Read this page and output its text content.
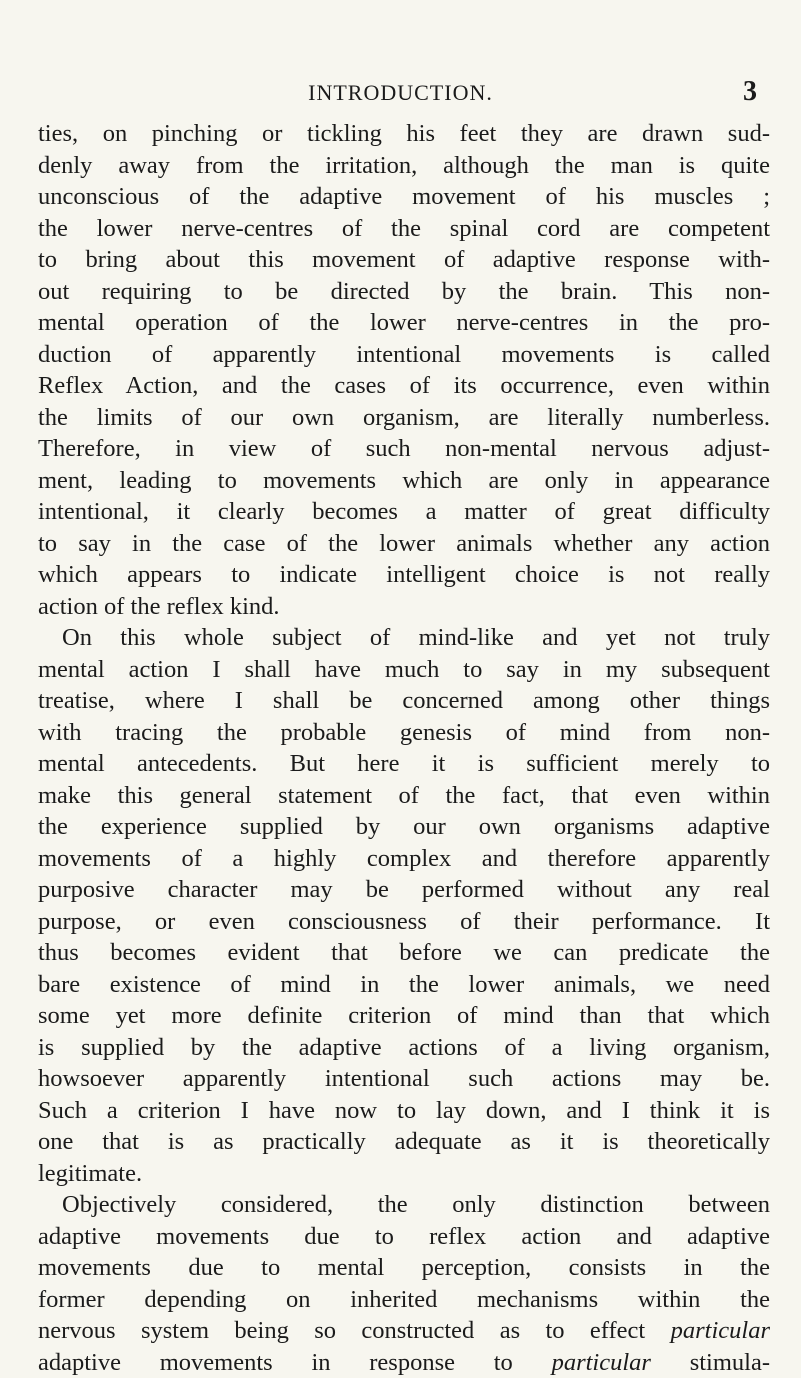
INTRODUCTION.	3
ties, on pinching or tickling his feet they are drawn sud-
denly away from the irritation, although the man is quite
unconscious of the adaptive movement of his muscles ;
the lower nerve-centres of the spinal cord are competent
to bring about this movement of adaptive response with-
out requiring to be directed by the brain. This non-
mental operation of the lower nerve-centres in the pro-
duction of apparently intentional movements is called
Reflex Action, and the cases of its occurrence, even within
the limits of our own organism, are literally numberless.
Therefore, in view of such non-mental nervous adjust-
ment, leading to movements which are only in appearance
intentional, it clearly becomes a matter of great difficulty
to say in the case of the lower animals whether any action
which appears to indicate intelligent choice is not really
action of the reflex kind.
On this whole subject of mind-like and yet not truly
mental action I shall have much to say in my subsequent
treatise, where I shall be concerned among other things
with tracing the probable genesis of mind from non-
mental antecedents. But here it is sufficient merely to
make this general statement of the fact, that even within
the experience supplied by our own organisms adaptive
movements of a highly complex and therefore apparently
purposive character may be performed without any real
purpose, or even consciousness of their performance. It
thus becomes evident that before we can predicate the
bare existence of mind in the lower animals, we need
some yet more definite criterion of mind than that which
is supplied by the adaptive actions of a living organism,
howsoever apparently intentional such actions may be.
Such a criterion I have now to lay down, and I think it is
one that is as practically adequate as it is theoretically
legitimate.
Objectively considered, the only distinction between
adaptive movements due to reflex action and adaptive
movements due to mental perception, consists in the
former depending on inherited mechanisms within the
nervous system being so constructed as to effect particular
adaptive movements in response to particular stimula-
